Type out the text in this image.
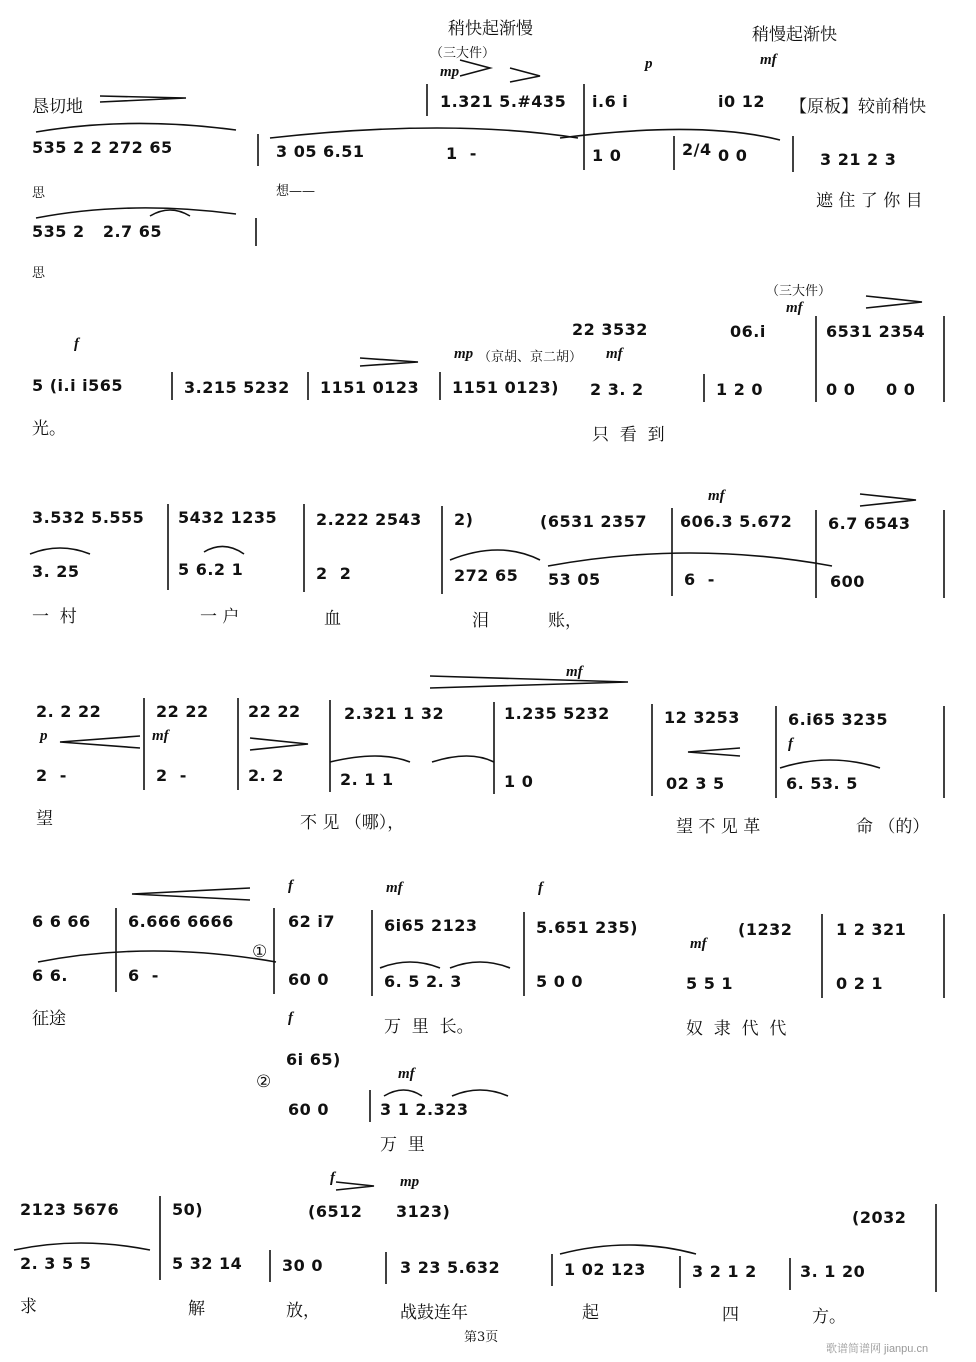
稍快起渐慢	稍慢起渐快
（三大件）
mp	p	mf
恳切地	1.321 5.#435 i.6 i	i0 12 【原板】较前稍快
535 2 2 272 65	3 05 6.51	1  -	1 0	2/4 0 0	3 21 2 3
思	想——	遮 住 了 你 目
535 2   2.7 65
思
（三大件）
mf
22 3532	06.i	6531 2354
f
mp （京胡、京二胡） mf
5 (i.i i565	3.215 5232 1151 0123 1151 0123) 2 3. 2	1 2 0	0 0 0 0
光。	只  看  到
mf
3.532 5.555 5432 1235 2.222 2543 2)	(6531 2357 606.3 5.672 6.7 6543
3. 25	5 6.2 1	2  2	272 65 53 05	6  -	600
一  村	一 户	血	泪	账，
mf
2. 2 22	22 22 22 22	2.321 1 32	1.235 5232	12 3253	6.i65 3235
p	mf	f
2  -	2  -	2. 2	2. 1 1	1 0	02 3 5	6. 53. 5
望	不 见 （哪），	望 不 见 革	命 （的）
f	mf	f
6 6 66 6.666 6666	62 i7	6i65 2123	5.651 235)	(1232	1 2 321
mf
①
6 6.	6  -	60 0	6. 5 2. 3	5 0 0	5 5 1	0 2 1
征途	万  里  长。	奴  隶  代  代
f
6i 65)
mf
②
60 0	3 1 2.323
万  里
f	mp
2123 5676	50)	(6512 3123)	(2032
2. 3 5 5	5 32 14 30 0	3 23 5.632	1 02 123	3 2 1 2	3. 1 20
求	解	放，	战鼓连年	起	四	方。
第3页
歌谱简谱网 jianpu.cn
